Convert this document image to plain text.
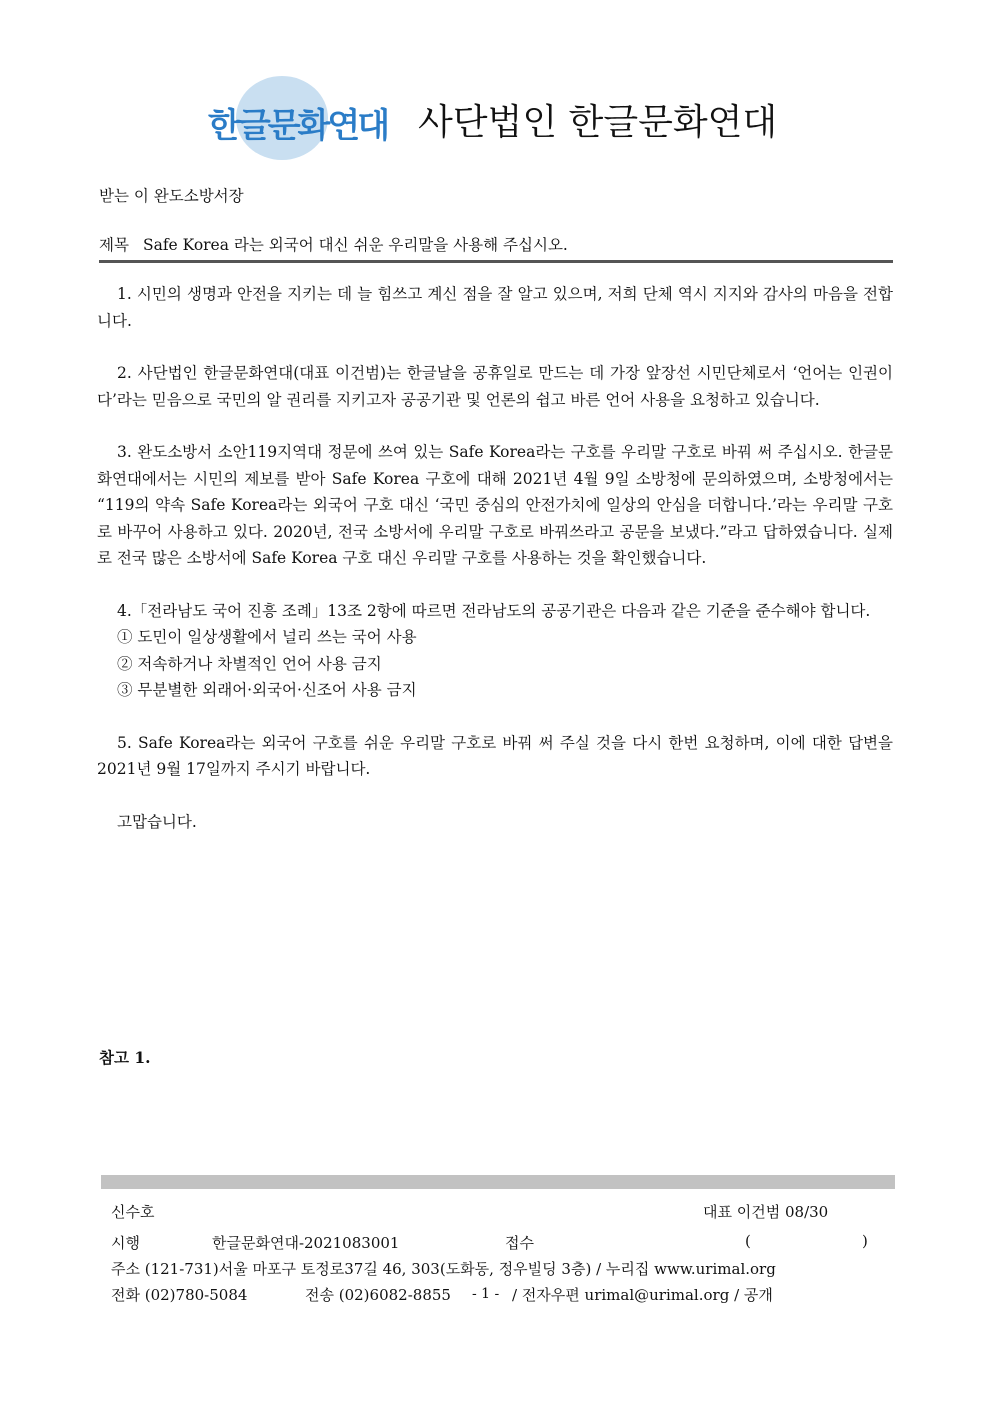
한글문화연대 사단법인 한글문화연대
받는 이 완도소방서장
제목 Safe Korea 라는 외국어 대신 쉬운 우리말을 사용해 주십시오.

1. 시민의 생명과 안전을 지키는 데 늘 힘쓰고 계신 점을 잘 알고 있으며, 저희 단체 역시 지지와 감사의 마음을 전합니다.

2. 사단법인 한글문화연대(대표 이건범)는 한글날을 공휴일로 만드는 데 가장 앞장선 시민단체로서 ‘언어는 인권이다’라는 믿음으로 국민의 알 권리를 지키고자 공공기관 및 언론의 쉽고 바른 언어 사용을 요청하고 있습니다.

3. 완도소방서 소안119지역대 정문에 쓰여 있는 Safe Korea라는 구호를 우리말 구호로 바꿔 써 주십시오. 한글문화연대에서는 시민의 제보를 받아 Safe Korea 구호에 대해 2021년 4월 9일 소방청에 문의하였으며, 소방청에서는 “119의 약속 Safe Korea라는 외국어 구호 대신 ‘국민 중심의 안전가치에 일상의 안심을 더합니다.’라는 우리말 구호로 바꾸어 사용하고 있다. 2020년, 전국 소방서에 우리말 구호로 바꿔쓰라고 공문을 보냈다.”라고 답하였습니다. 실제로 전국 많은 소방서에 Safe Korea 구호 대신 우리말 구호를 사용하는 것을 확인했습니다.

4.「전라남도 국어 진흥 조례」13조 2항에 따르면 전라남도의 공공기관은 다음과 같은 기준을 준수해야 합니다.

① 도민이 일상생활에서 널리 쓰는 국어 사용

② 저속하거나 차별적인 언어 사용 금지

③ 무분별한 외래어·외국어·신조어 사용 금지

5. Safe Korea라는 외국어 구호를 쉬운 우리말 구호로 바꿔 써 주실 것을 다시 한번 요청하며, 이에 대한 답변을 2021년 9월 17일까지 주시기 바랍니다.

고맙습니다.

참고 1.
신수호	대표 이건범 08/30
시행	한글문화연대-2021083001	접수	(	)
주소 (121-731)서울 마포구 토정로37길 46, 303(도화동, 정우빌딩 3층) / 누리집 www.urimal.org
전화 (02)780-5084	전송 (02)6082-8855 - 1 - / 전자우편 urimal@urimal.org / 공개
